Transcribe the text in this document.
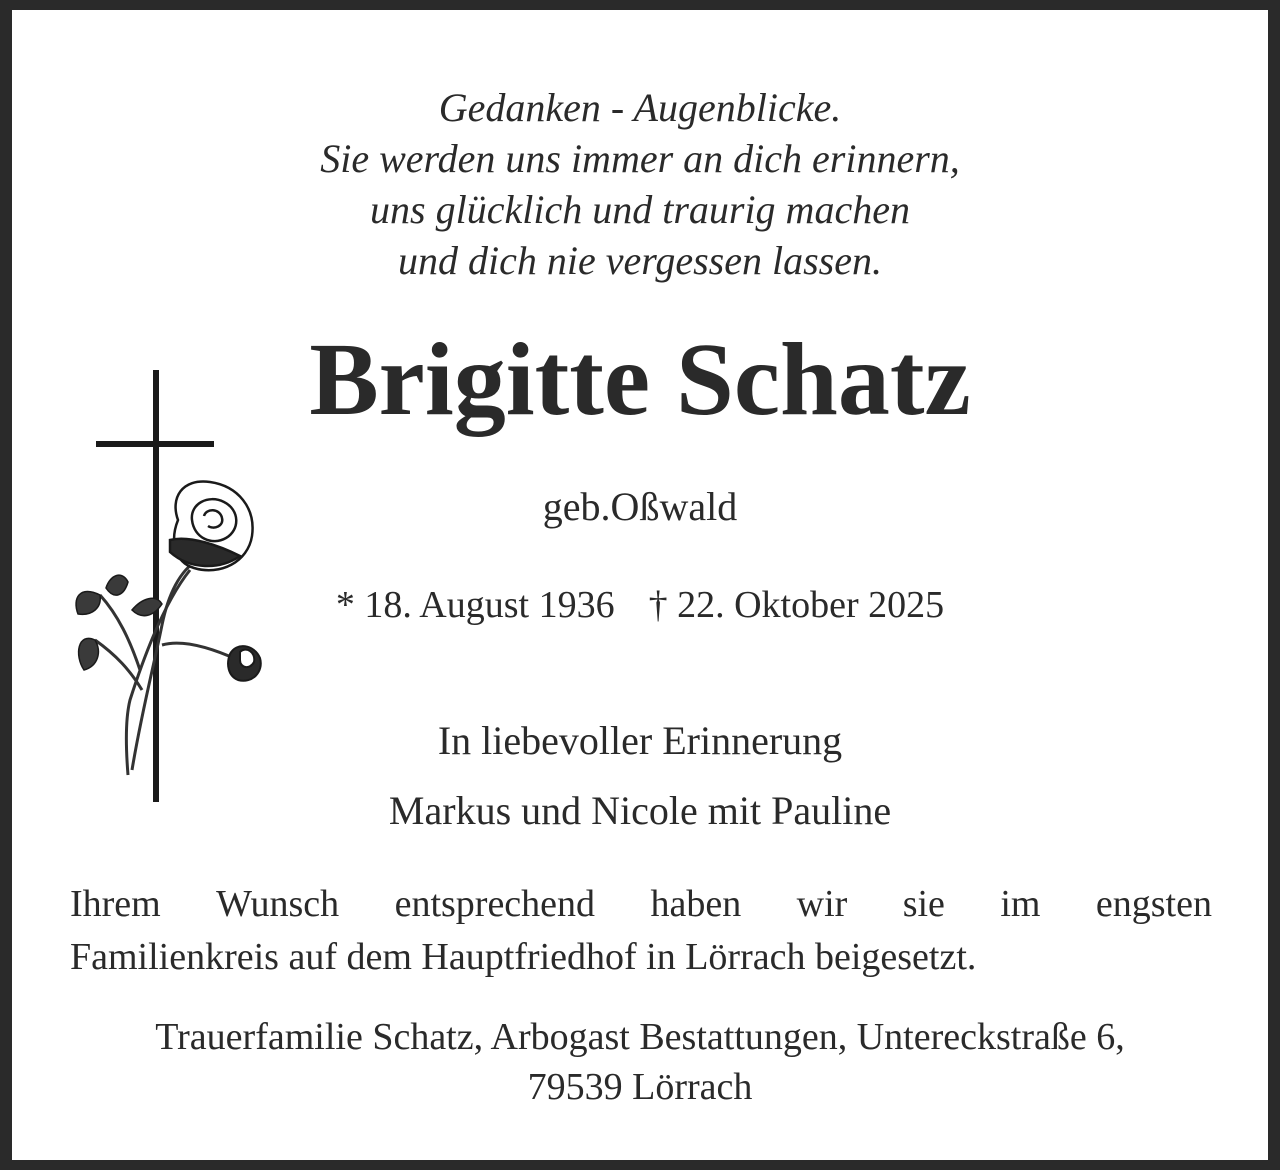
Gedanken - Augenblicke.
Sie werden uns immer an dich erinnern,
uns glücklich und traurig machen
und dich nie vergessen lassen.
Brigitte Schatz
geb.Oßwald
* 18. August 1936 † 22. Oktober 2025
In liebevoller Erinnerung
Markus und Nicole mit Pauline
Ihrem Wunsch entsprechend haben wir sie im engsten
Familienkreis auf dem Hauptfriedhof in Lörrach beigesetzt.
Trauerfamilie Schatz, Arbogast Bestattungen, Untereckstraße 6,
79539 Lörrach
